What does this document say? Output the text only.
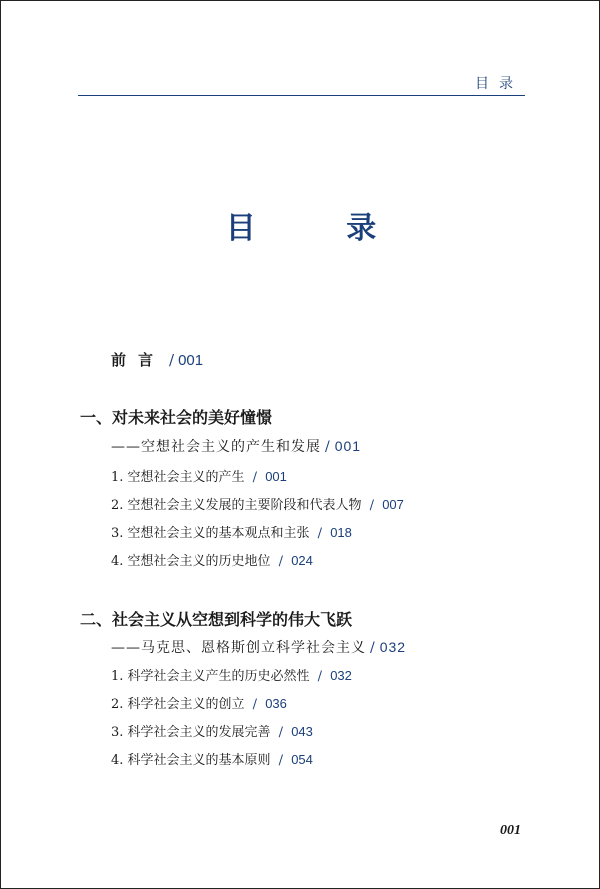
目录
目 录
前言 / 001
一、对未来社会的美好憧憬
——空想社会主义的产生和发展 / 001
1. 空想社会主义的产生 / 001
2. 空想社会主义发展的主要阶段和代表人物 / 007
3. 空想社会主义的基本观点和主张 / 018
4. 空想社会主义的历史地位 / 024
二、社会主义从空想到科学的伟大飞跃
——马克思、恩格斯创立科学社会主义 / 032
1. 科学社会主义产生的历史必然性 / 032
2. 科学社会主义的创立 / 036
3. 科学社会主义的发展完善 / 043
4. 科学社会主义的基本原则 / 054
001
